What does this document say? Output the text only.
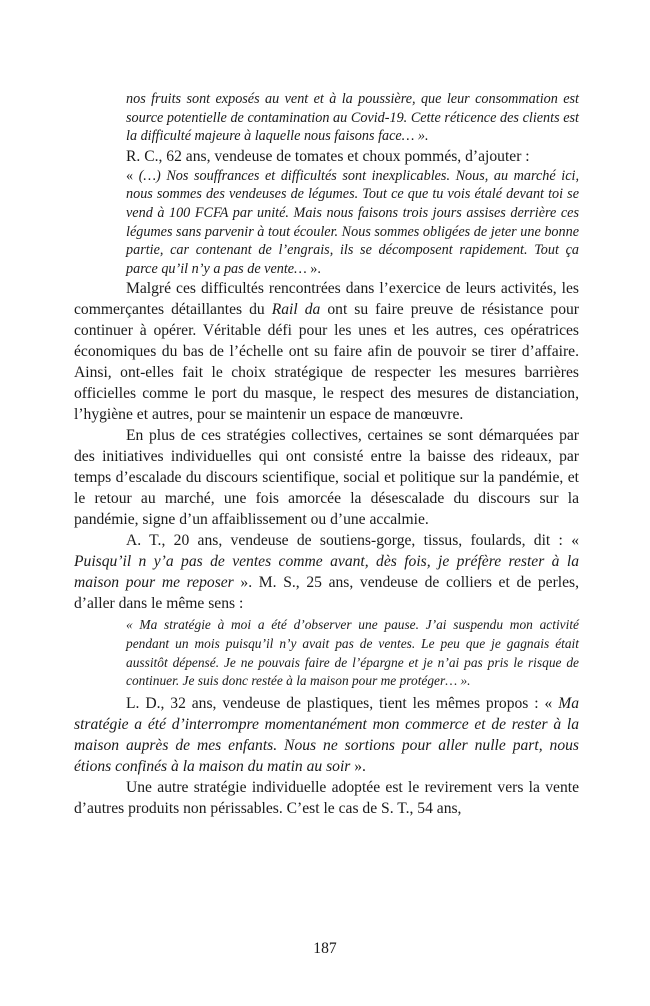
nos fruits sont exposés au vent et à la poussière, que leur consommation est source potentielle de contamination au Covid-19. Cette réticence des clients est la difficulté majeure à laquelle nous faisons face… ».

R. C., 62 ans, vendeuse de tomates et choux pommés, d’ajouter :

« (…) Nos souffrances et difficultés sont inexplicables. Nous, au marché ici, nous sommes des vendeuses de légumes. Tout ce que tu vois étalé devant toi se vend à 100 FCFA par unité. Mais nous faisons trois jours assises derrière ces légumes sans parvenir à tout écouler. Nous sommes obligées de jeter une bonne partie, car contenant de l’engrais, ils se décomposent rapidement. Tout ça parce qu’il n’y a pas de vente… ».

Malgré ces difficultés rencontrées dans l’exercice de leurs activités, les commerçantes détaillantes du Rail da ont su faire preuve de résistance pour continuer à opérer. Véritable défi pour les unes et les autres, ces opératrices économiques du bas de l’échelle ont su faire afin de pouvoir se tirer d’affaire. Ainsi, ont-elles fait le choix stratégique de respecter les mesures barrières officielles comme le port du masque, le respect des mesures de distanciation, l’hygiène et autres, pour se maintenir un espace de manœuvre.

En plus de ces stratégies collectives, certaines se sont démarquées par des initiatives individuelles qui ont consisté entre la baisse des rideaux, par temps d’escalade du discours scientifique, social et politique sur la pandémie, et le retour au marché, une fois amorcée la désescalade du discours sur la pandémie, signe d’un affaiblissement ou d’une accalmie.

A. T., 20 ans, vendeuse de soutiens-gorge, tissus, foulards, dit : « Puisqu’il n y’a pas de ventes comme avant, dès fois, je préfère rester à la maison pour me reposer ». M. S., 25 ans, vendeuse de colliers et de perles, d’aller dans le même sens :

« Ma stratégie à moi a été d’observer une pause. J’ai suspendu mon activité pendant un mois puisqu’il n’y avait pas de ventes. Le peu que je gagnais était aussitôt dépensé. Je ne pouvais faire de l’épargne et je n’ai pas pris le risque de continuer. Je suis donc restée à la maison pour me protéger… ».

L. D., 32 ans, vendeuse de plastiques, tient les mêmes propos : « Ma stratégie a été d’interrompre momentanément mon commerce et de rester à la maison auprès de mes enfants. Nous ne sortions pour aller nulle part, nous étions confinés à la maison du matin au soir ».

Une autre stratégie individuelle adoptée est le revirement vers la vente d’autres produits non périssables. C’est le cas de S. T., 54 ans,

187
